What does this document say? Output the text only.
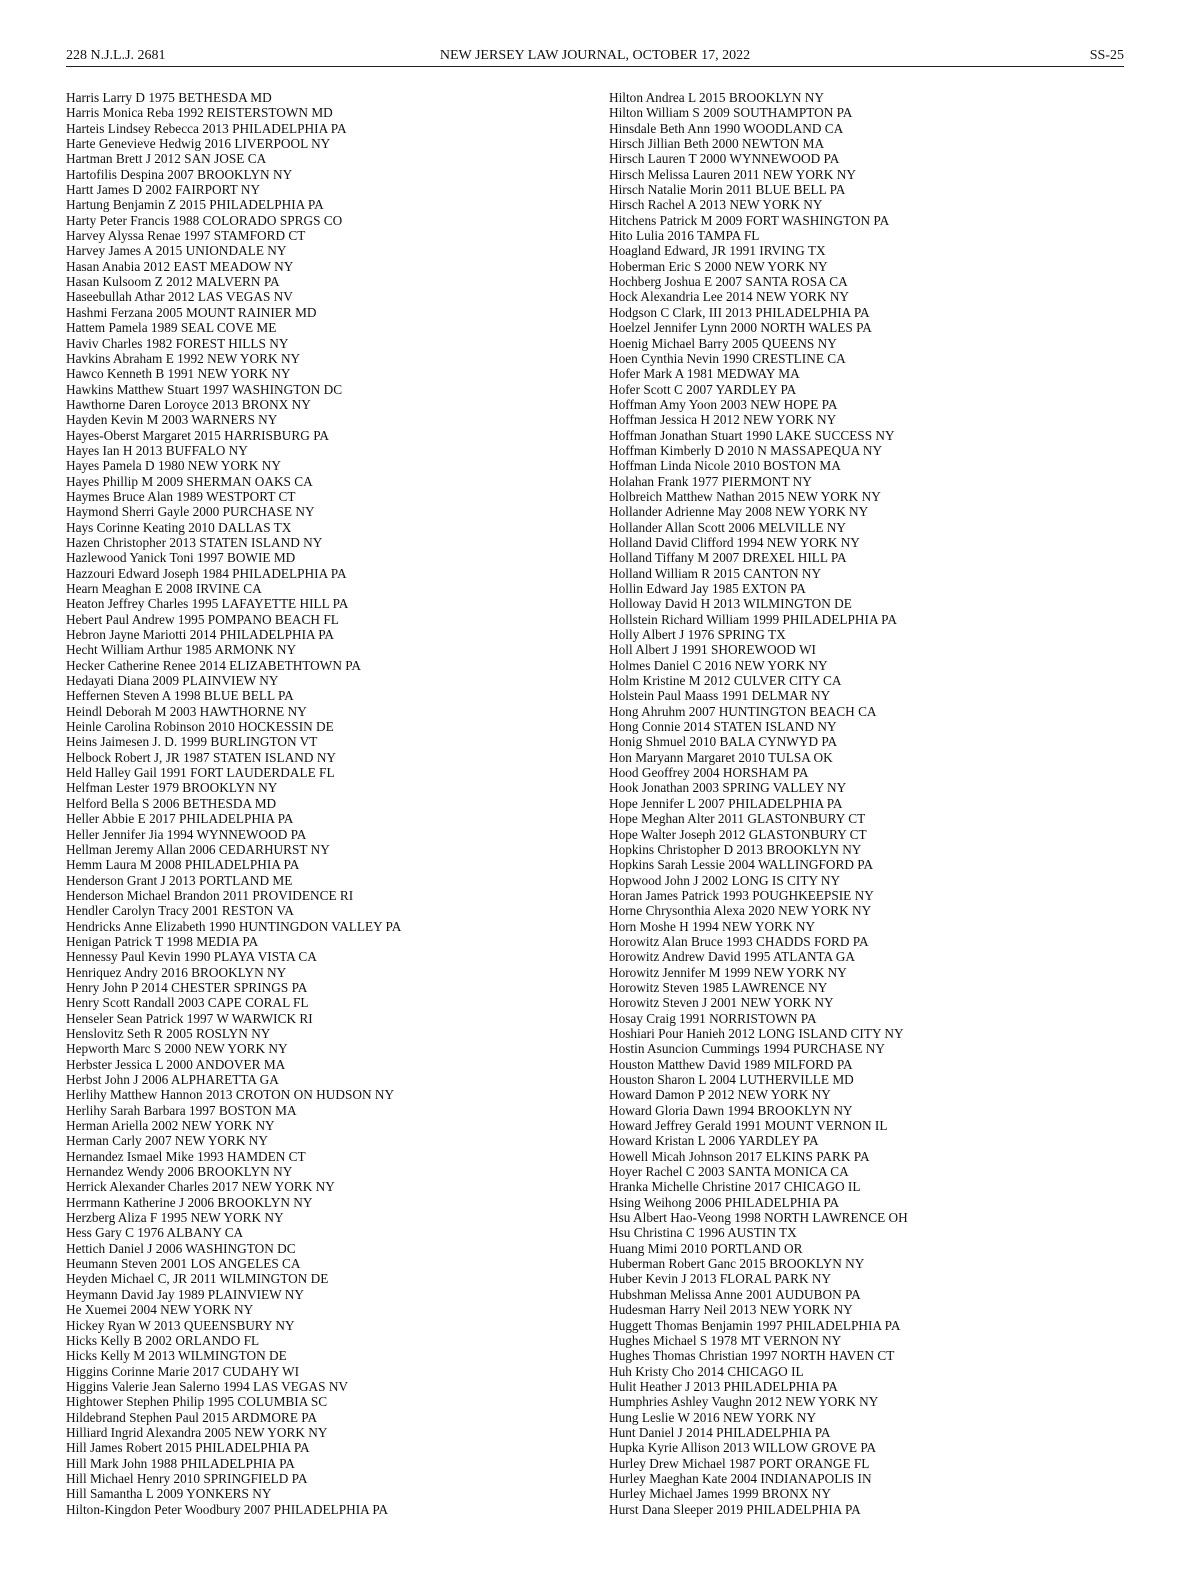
228 N.J.L.J. 2681	NEW JERSEY LAW JOURNAL, OCTOBER 17, 2022	SS-25
Harris Larry D 1975 BETHESDA MD
Harris Monica Reba 1992 REISTERSTOWN MD
Harteis Lindsey Rebecca 2013 PHILADELPHIA PA
Harte Genevieve Hedwig 2016 LIVERPOOL NY
Hartman Brett J 2012 SAN JOSE CA
Hartofilis Despina 2007 BROOKLYN NY
Hartt James D 2002 FAIRPORT NY
Hartung Benjamin Z 2015 PHILADELPHIA PA
Harty Peter Francis 1988 COLORADO SPRGS CO
Harvey Alyssa Renae 1997 STAMFORD CT
Harvey James A 2015 UNIONDALE NY
Hasan Anabia 2012 EAST MEADOW NY
Hasan Kulsoom Z 2012 MALVERN PA
Haseebullah Athar 2012 LAS VEGAS NV
Hashmi Ferzana 2005 MOUNT RAINIER MD
Hattem Pamela 1989 SEAL COVE ME
Haviv Charles 1982 FOREST HILLS NY
Havkins Abraham E 1992 NEW YORK NY
Hawco Kenneth B 1991 NEW YORK NY
Hawkins Matthew Stuart 1997 WASHINGTON DC
Hawthorne Daren Loroyce 2013 BRONX NY
Hayden Kevin M 2003 WARNERS NY
Hayes-Oberst Margaret 2015 HARRISBURG PA
Hayes Ian H 2013 BUFFALO NY
Hayes Pamela D 1980 NEW YORK NY
Hayes Phillip M 2009 SHERMAN OAKS CA
Haymes Bruce Alan 1989 WESTPORT CT
Haymond Sherri Gayle 2000 PURCHASE NY
Hays Corinne Keating 2010 DALLAS TX
Hazen Christopher 2013 STATEN ISLAND NY
Hazlewood Yanick Toni 1997 BOWIE MD
Hazzouri Edward Joseph 1984 PHILADELPHIA PA
Hearn Meaghan E 2008 IRVINE CA
Heaton Jeffrey Charles 1995 LAFAYETTE HILL PA
Hebert Paul Andrew 1995 POMPANO BEACH FL
Hebron Jayne Mariotti 2014 PHILADELPHIA PA
Hecht William Arthur 1985 ARMONK NY
Hecker Catherine Renee 2014 ELIZABETHTOWN PA
Hedayati Diana 2009 PLAINVIEW NY
Heffernen Steven A 1998 BLUE BELL PA
Heindl Deborah M 2003 HAWTHORNE NY
Heinle Carolina Robinson 2010 HOCKESSIN DE
Heins Jaimesen J. D. 1999 BURLINGTON VT
Helbock Robert J, JR 1987 STATEN ISLAND NY
Held Halley Gail 1991 FORT LAUDERDALE FL
Helfman Lester 1979 BROOKLYN NY
Helford Bella S 2006 BETHESDA MD
Heller Abbie E 2017 PHILADELPHIA PA
Heller Jennifer Jia 1994 WYNNEWOOD PA
Hellman Jeremy Allan 2006 CEDARHURST NY
Hemm Laura M 2008 PHILADELPHIA PA
Henderson Grant J 2013 PORTLAND ME
Henderson Michael Brandon 2011 PROVIDENCE RI
Hendler Carolyn Tracy 2001 RESTON VA
Hendricks Anne Elizabeth 1990 HUNTINGDON VALLEY PA
Henigan Patrick T 1998 MEDIA PA
Hennessy Paul Kevin 1990 PLAYA VISTA CA
Henriquez Andry 2016 BROOKLYN NY
Henry John P 2014 CHESTER SPRINGS PA
Henry Scott Randall 2003 CAPE CORAL FL
Henseler Sean Patrick 1997 W WARWICK RI
Henslovitz Seth R 2005 ROSLYN NY
Hepworth Marc S 2000 NEW YORK NY
Herbster Jessica L 2000 ANDOVER MA
Herbst John J 2006 ALPHARETTA GA
Herlihy Matthew Hannon 2013 CROTON ON HUDSON NY
Herlihy Sarah Barbara 1997 BOSTON MA
Herman Ariella 2002 NEW YORK NY
Herman Carly 2007 NEW YORK NY
Hernandez Ismael Mike 1993 HAMDEN CT
Hernandez Wendy 2006 BROOKLYN NY
Herrick Alexander Charles 2017 NEW YORK NY
Herrmann Katherine J 2006 BROOKLYN NY
Herzberg Aliza F 1995 NEW YORK NY
Hess Gary C 1976 ALBANY CA
Hettich Daniel J 2006 WASHINGTON DC
Heumann Steven 2001 LOS ANGELES CA
Heyden Michael C, JR 2011 WILMINGTON DE
Heymann David Jay 1989 PLAINVIEW NY
He Xuemei 2004 NEW YORK NY
Hickey Ryan W 2013 QUEENSBURY NY
Hicks Kelly B 2002 ORLANDO FL
Hicks Kelly M 2013 WILMINGTON DE
Higgins Corinne Marie 2017 CUDAHY WI
Higgins Valerie Jean Salerno 1994 LAS VEGAS NV
Hightower Stephen Philip 1995 COLUMBIA SC
Hildebrand Stephen Paul 2015 ARDMORE PA
Hilliard Ingrid Alexandra 2005 NEW YORK NY
Hill James Robert 2015 PHILADELPHIA PA
Hill Mark John 1988 PHILADELPHIA PA
Hill Michael Henry 2010 SPRINGFIELD PA
Hill Samantha L 2009 YONKERS NY
Hilton-Kingdon Peter Woodbury 2007 PHILADELPHIA PA
Hilton Andrea L 2015 BROOKLYN NY
Hilton William S 2009 SOUTHAMPTON PA
Hinsdale Beth Ann 1990 WOODLAND CA
Hirsch Jillian Beth 2000 NEWTON MA
Hirsch Lauren T 2000 WYNNEWOOD PA
Hirsch Melissa Lauren 2011 NEW YORK NY
Hirsch Natalie Morin 2011 BLUE BELL PA
Hirsch Rachel A 2013 NEW YORK NY
Hitchens Patrick M 2009 FORT WASHINGTON PA
Hito Lulia 2016 TAMPA FL
Hoagland Edward, JR 1991 IRVING TX
Hoberman Eric S 2000 NEW YORK NY
Hochberg Joshua E 2007 SANTA ROSA CA
Hock Alexandria Lee 2014 NEW YORK NY
Hodgson C Clark, III 2013 PHILADELPHIA PA
Hoelzel Jennifer Lynn 2000 NORTH WALES PA
Hoenig Michael Barry 2005 QUEENS NY
Hoen Cynthia Nevin 1990 CRESTLINE CA
Hofer Mark A 1981 MEDWAY MA
Hofer Scott C 2007 YARDLEY PA
Hoffman Amy Yoon 2003 NEW HOPE PA
Hoffman Jessica H 2012 NEW YORK NY
Hoffman Jonathan Stuart 1990 LAKE SUCCESS NY
Hoffman Kimberly D 2010 N MASSAPEQUA NY
Hoffman Linda Nicole 2010 BOSTON MA
Holahan Frank 1977 PIERMONT NY
Holbreich Matthew Nathan 2015 NEW YORK NY
Hollander Adrienne May 2008 NEW YORK NY
Hollander Allan Scott 2006 MELVILLE NY
Holland David Clifford 1994 NEW YORK NY
Holland Tiffany M 2007 DREXEL HILL PA
Holland William R 2015 CANTON NY
Hollin Edward Jay 1985 EXTON PA
Holloway David H 2013 WILMINGTON DE
Hollstein Richard William 1999 PHILADELPHIA PA
Holly Albert J 1976 SPRING TX
Holl Albert J 1991 SHOREWOOD WI
Holmes Daniel C 2016 NEW YORK NY
Holm Kristine M 2012 CULVER CITY CA
Holstein Paul Maass 1991 DELMAR NY
Hong Ahruhm 2007 HUNTINGTON BEACH CA
Hong Connie 2014 STATEN ISLAND NY
Honig Shmuel 2010 BALA CYNWYD PA
Hon Maryann Margaret 2010 TULSA OK
Hood Geoffrey 2004 HORSHAM PA
Hook Jonathan 2003 SPRING VALLEY NY
Hope Jennifer L 2007 PHILADELPHIA PA
Hope Meghan Alter 2011 GLASTONBURY CT
Hope Walter Joseph 2012 GLASTONBURY CT
Hopkins Christopher D 2013 BROOKLYN NY
Hopkins Sarah Lessie 2004 WALLINGFORD PA
Hopwood John J 2002 LONG IS CITY NY
Horan James Patrick 1993 POUGHKEEPSIE NY
Horne Chrysonthia Alexa 2020 NEW YORK NY
Horn Moshe H 1994 NEW YORK NY
Horowitz Alan Bruce 1993 CHADDS FORD PA
Horowitz Andrew David 1995 ATLANTA GA
Horowitz Jennifer M 1999 NEW YORK NY
Horowitz Steven 1985 LAWRENCE NY
Horowitz Steven J 2001 NEW YORK NY
Hosay Craig 1991 NORRISTOWN PA
Hoshiari Pour Hanieh 2012 LONG ISLAND CITY NY
Hostin Asuncion Cummings 1994 PURCHASE NY
Houston Matthew David 1989 MILFORD PA
Houston Sharon L 2004 LUTHERVILLE MD
Howard Damon P 2012 NEW YORK NY
Howard Gloria Dawn 1994 BROOKLYN NY
Howard Jeffrey Gerald 1991 MOUNT VERNON IL
Howard Kristan L 2006 YARDLEY PA
Howell Micah Johnson 2017 ELKINS PARK PA
Hoyer Rachel C 2003 SANTA MONICA CA
Hranka Michelle Christine 2017 CHICAGO IL
Hsing Weihong 2006 PHILADELPHIA PA
Hsu Albert Hao-Veong 1998 NORTH LAWRENCE OH
Hsu Christina C 1996 AUSTIN TX
Huang Mimi 2010 PORTLAND OR
Huberman Robert Ganc 2015 BROOKLYN NY
Huber Kevin J 2013 FLORAL PARK NY
Hubshman Melissa Anne 2001 AUDUBON PA
Hudesman Harry Neil 2013 NEW YORK NY
Huggett Thomas Benjamin 1997 PHILADELPHIA PA
Hughes Michael S 1978 MT VERNON NY
Hughes Thomas Christian 1997 NORTH HAVEN CT
Huh Kristy Cho 2014 CHICAGO IL
Hulit Heather J 2013 PHILADELPHIA PA
Humphries Ashley Vaughn 2012 NEW YORK NY
Hung Leslie W 2016 NEW YORK NY
Hunt Daniel J 2014 PHILADELPHIA PA
Hupka Kyrie Allison 2013 WILLOW GROVE PA
Hurley Drew Michael 1987 PORT ORANGE FL
Hurley Maeghan Kate 2004 INDIANAPOLIS IN
Hurley Michael James 1999 BRONX NY
Hurst Dana Sleeper 2019 PHILADELPHIA PA
